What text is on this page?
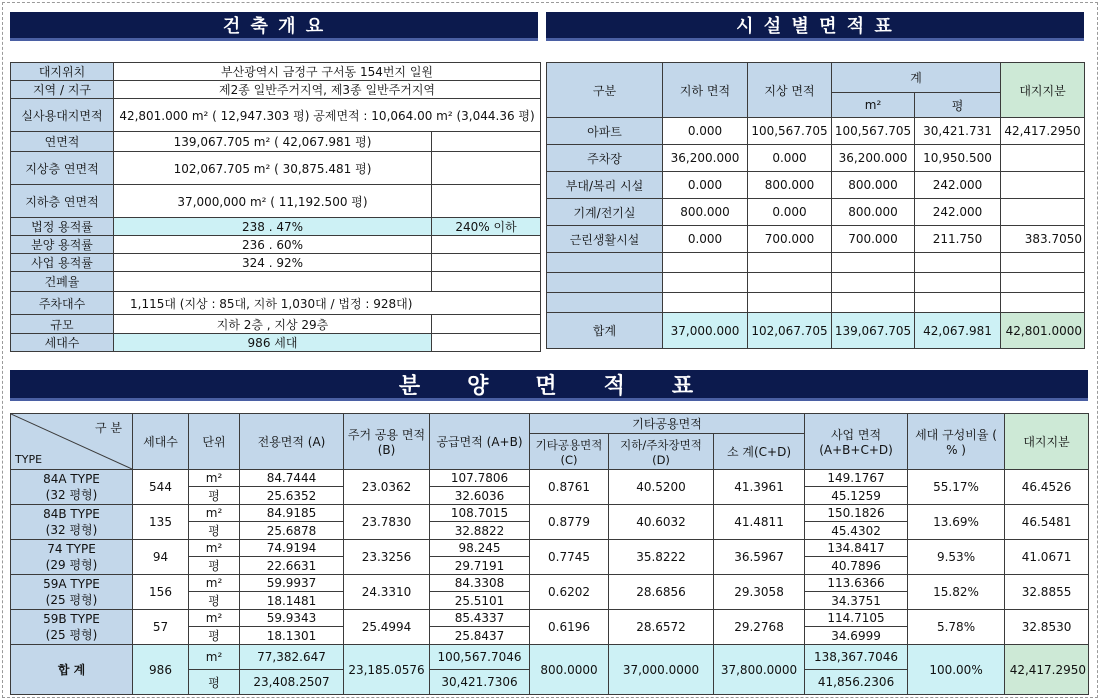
건 축 개 요	시 설 별 면 적 표
분   양   면   적   표
대지위치	부산광역시 금정구 구서동 154번지 일원	
지역 / 지구	제2종 일반주거지역, 제3종 일반주거지역	
실사용대지면적	42,801.000 m² ( 12,947.303 평) 공제면적 : 10,064.00 m² (3,044.36 평)	
연면적	139,067.705 m² ( 42,067.981 평)	
지상층 연면적	102,067.705 m² ( 30,875.481 평)	
지하층 연면적	37,000,000 m² ( 11,192.500 평)	
법정 용적률	238 . 47%	240% 이하
분양 용적률	236 . 60%	
사업 용적률	324 . 92%	
건폐율		
주차대수	1,115대 (지상 : 85대, 지하 1,030대 / 법정 : 928대)	
규모	지하 2층 , 지상 29층	
세대수	986 세대	
구분	지하 면적	지상 면적	계		대지지분
			m²	평	
아파트	0.000	100,567.705	100,567.705	30,421.731	42,417.2950
주차장	36,200.000	0.000	36,200.000	10,950.500	
부대/복리 시설	0.000	800.000	800.000	242.000	
기계/전기실	800.000	0.000	800.000	242.000	
근린생활시설	0.000	700.000	700.000	211.750	383.7050

합계	37,000.000	102,067.705	139,067.705	42,067.981	42,801.0000
구 분
TYPE	세대수	단위	전용면적 (A)	주거 공용 면적 (B)	공급면적 (A+B)	기타공용면적			사업 면적 (A+B+C+D)	세대 구성비율 ( % )	대지지분
						기타공용면적 (C)	지하/주차장면적 (D)	소 계(C+D)			

84A TYPE
(32 평형)	544	m²	84.7444	23.0362	107.7806	0.8761	40.5200	41.3961	149.1767	55.17%	46.4526
		평	25.6352		32.6036				45.1259		

84B TYPE
(32 평형)	135	m²	84.9185	23.7830	108.7015	0.8779	40.6032	41.4811	150.1826	13.69%	46.5481
		평	25.6878		32.8822				45.4302		

74 TYPE
(29 평형)	94	m²	74.9194	23.3256	98.245	0.7745	35.8222	36.5967	134.8417	9.53%	41.0671
		평	22.6631		29.7191				40.7896		

59A TYPE
(25 평형)	156	m²	59.9937	24.3310	84.3308	0.6202	28.6856	29.3058	113.6366	15.82%	32.8855
		평	18.1481		25.5101				34.3751		

59B TYPE
(25 평형)	57	m²	59.9343	25.4994	85.4337	0.6196	28.6572	29.2768	114.7105	5.78%	32.8530
		평	18.1301		25.8437				34.6999		
합 계	986	m²	77,382.647	23,185.0576	100,567.7046	800.0000	37,000.0000	37,800.0000	138,367.7046	100.00%	42,417.2950
		평	23,408.2507		30,421.7306				41,856.2306		
